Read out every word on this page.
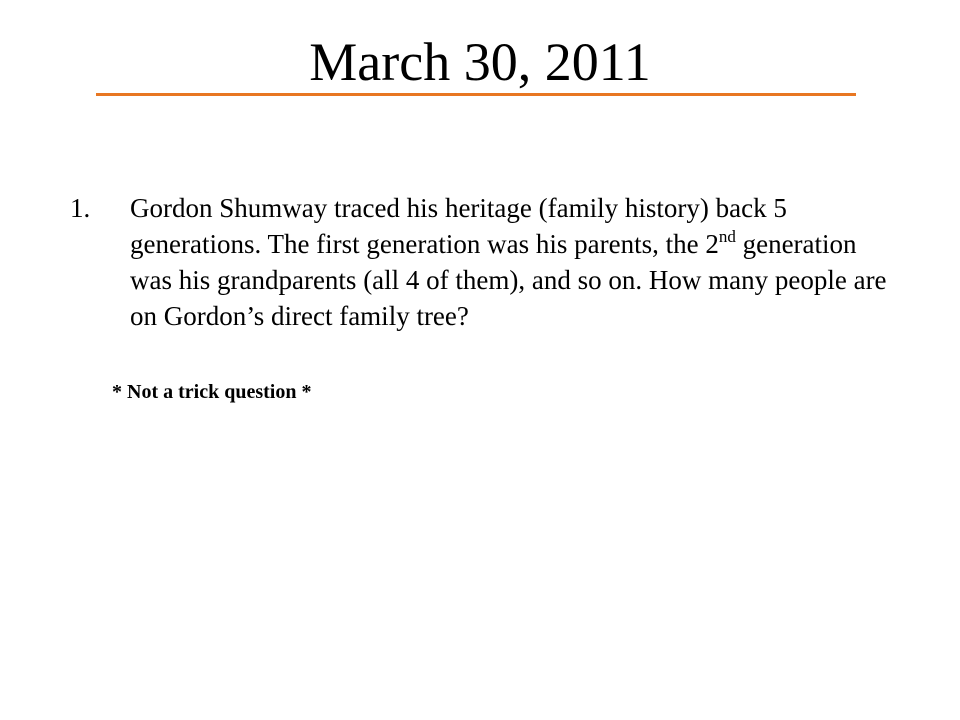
March 30, 2011
1.	Gordon Shumway traced his heritage (family history) back 5 generations. The first generation was his parents, the 2nd generation was his grandparents (all 4 of them), and so on. How many people are on Gordon’s direct family tree?
* Not a trick question *
